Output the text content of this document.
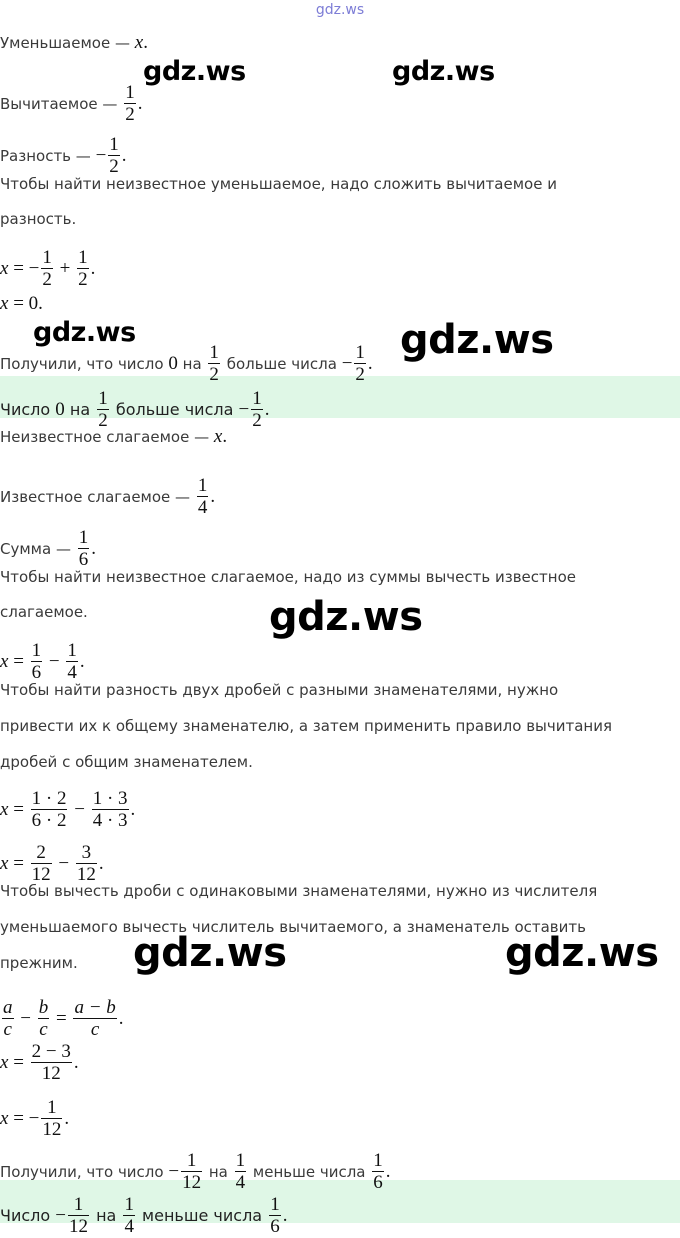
gdz.ws
Уменьшаемое — x.
Вычитаемое — $\frac{1}{2}$ .
Разность — − $\frac{1}{2}$ .
Чтобы найти неизвестное уменьшаемое, надо сложить вычитаемое и
разность.
x = − $\frac{1}{2} + \frac{1}{2}$ .
x = 0.
Получили, что число 0 на $\frac{1}{2}$ больше числа − $\frac{1}{2}$ .
Число 0 на $\frac{1}{2}$ больше числа − $\frac{1}{2}$ .
Неизвестное слагаемое — x.
Известное слагаемое — $\frac{1}{4}$ .
Сумма — $\frac{1}{6}$ .
Чтобы найти неизвестное слагаемое, надо из суммы вычесть известное
слагаемое.
$x = \frac{1}{6} - \frac{1}{4}$ .
Чтобы найти разность двух дробей с разными знаменателями, нужно
привести их к общему знаменателю, а затем применить правило вычитания
дробей с общим знаменателем.
$x = \frac{1 \cdot 2}{6 \cdot 2} - \frac{1 \cdot 3}{4 \cdot 3}$ .
$x = \frac{2}{12} - \frac{3}{12}$ .
Чтобы вычесть дроби с одинаковыми знаменателями, нужно из числителя
уменьшаемого вычесть числитель вычитаемого, а знаменатель оставить
прежним.
$\frac{a}{c} - \frac{b}{c} = \frac{a - b}{c}$ .
$x = \frac{2 - 3}{12}$ .
x = − $\frac{1}{12}$ .
Получили, что число − $\frac{1}{12}$ на $\frac{1}{4}$ меньше числа $\frac{1}{6}$ .
Число − $\frac{1}{12}$ на $\frac{1}{4}$ меньше числа $\frac{1}{6}$ .
gdz.ws	gdz.ws
gdz.ws	gdz.ws
gdz.ws
gdz.ws	gdz.ws
